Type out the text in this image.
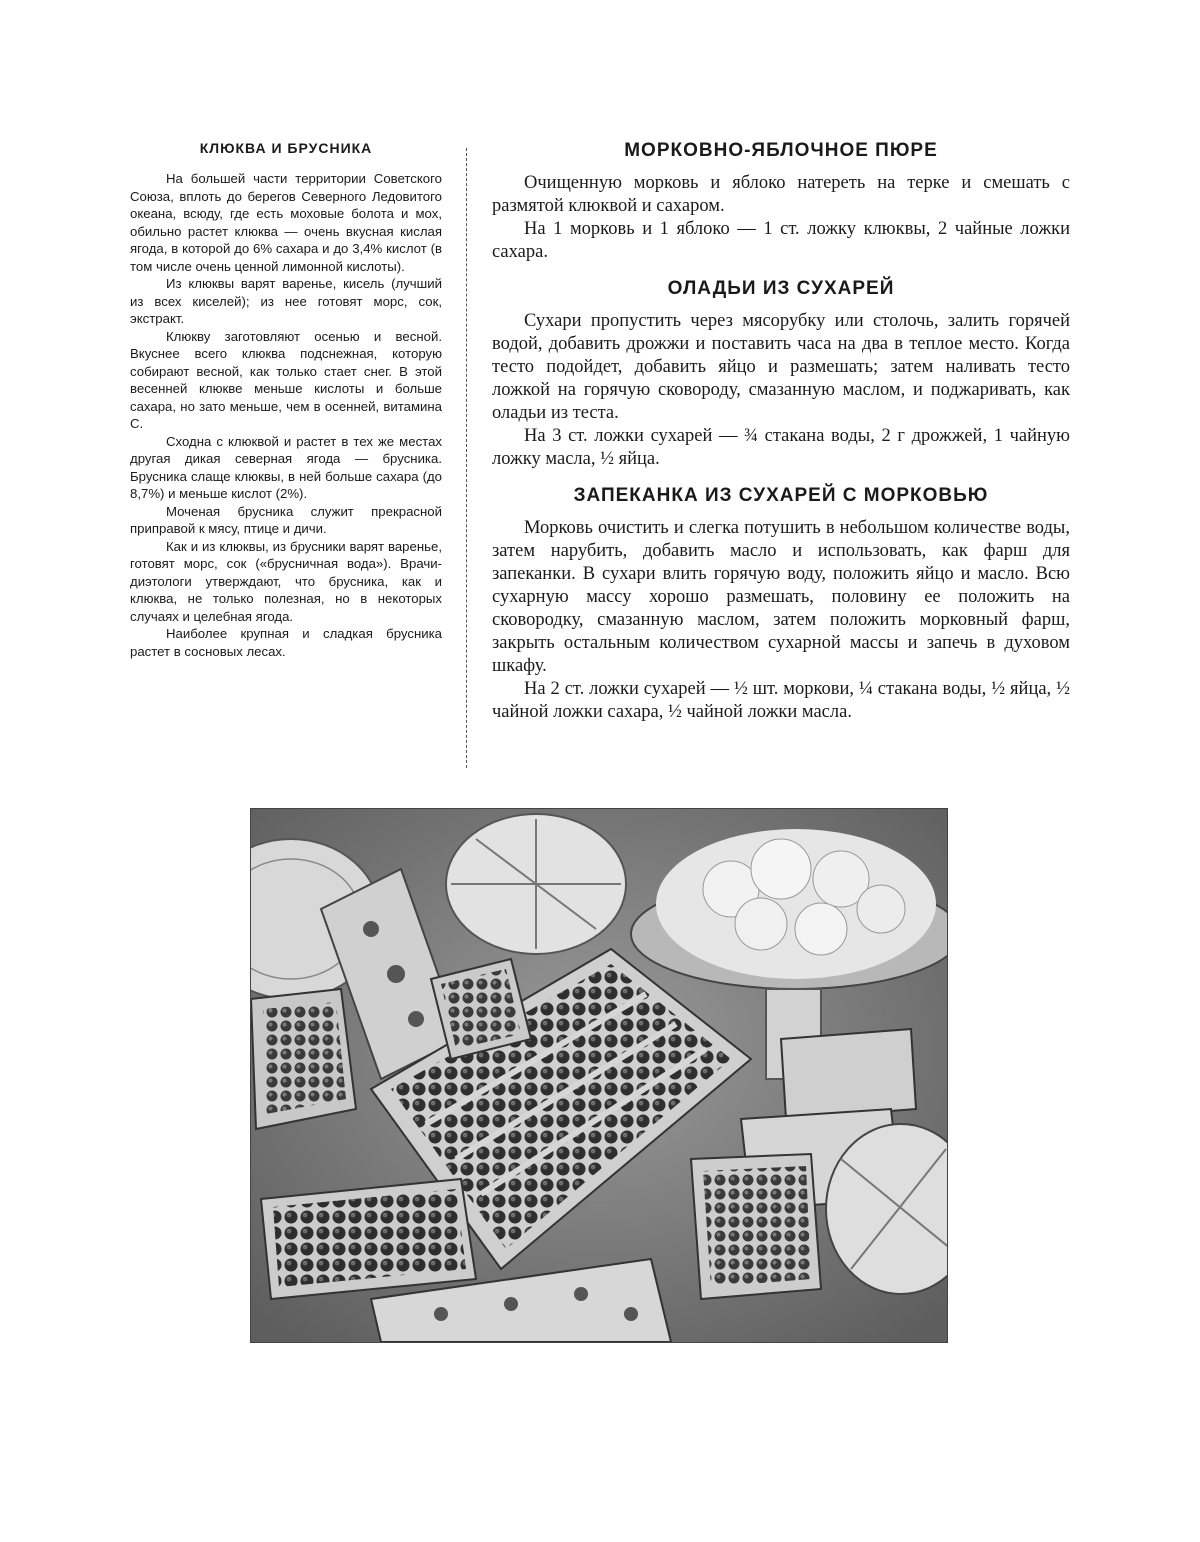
КЛЮКВА И БРУСНИКА

На большей части территории Советского Союза, вплоть до берегов Северного Ледовитого океана, всюду, где есть моховые болота и мох, обильно растет клюква — очень вкусная кислая ягода, в которой до 6% сахара и до 3,4% кислот (в том числе очень ценной лимонной кислоты).

Из клюквы варят варенье, кисель (лучший из всех киселей); из нее готовят морс, сок, экстракт.

Клюкву заготовляют осенью и весной. Вкуснее всего клюква подснежная, которую собирают весной, как только стает снег. В этой весенней клюкве меньше кислоты и больше сахара, но зато меньше, чем в осенней, витамина С.

Сходна с клюквой и растет в тех же местах другая дикая северная ягода — брусника. Брусника слаще клюквы, в ней больше сахара (до 8,7%) и меньше кислот (2%).

Моченая брусника служит прекрасной приправой к мясу, птице и дичи.

Как и из клюквы, из брусники варят варенье, готовят морс, сок («брусничная вода»). Врачи-диэтологи утверждают, что брусника, как и клюква, не только полезная, но в некоторых случаях и целебная ягода.

Наиболее крупная и сладкая брусника растет в сосновых лесах.

МОРКОВНО-ЯБЛОЧНОЕ ПЮРЕ

Очищенную морковь и яблоко натереть на терке и смешать с размятой клюквой и сахаром.

На 1 морковь и 1 яблоко — 1 ст. ложку клюквы, 2 чайные ложки сахара.

ОЛАДЬИ ИЗ СУХАРЕЙ

Сухари пропустить через мясорубку или столочь, залить горячей водой, добавить дрожжи и поставить часа на два в теплое место. Когда тесто подойдет, добавить яйцо и размешать; затем наливать тесто ложкой на горячую сковороду, смазанную маслом, и поджаривать, как оладьи из теста.

На 3 ст. ложки сухарей — ¾ стакана воды, 2 г дрожжей, 1 чайную ложку масла, ½ яйца.

ЗАПЕКАНКА ИЗ СУХАРЕЙ С МОРКОВЬЮ

Морковь очистить и слегка потушить в небольшом количестве воды, затем нарубить, добавить масло и использовать, как фарш для запеканки. В сухари влить горячую воду, положить яйцо и масло. Всю сухарную массу хорошо размешать, половину ее положить на сковородку, смазанную маслом, затем положить морковный фарш, закрыть остальным количеством сухарной массы и запечь в духовом шкафу.

На 2 ст. ложки сухарей — ½ шт. моркови, ¼ стакана воды, ½ яйца, ½ чайной ложки сахара, ½ чайной ложки масла.
